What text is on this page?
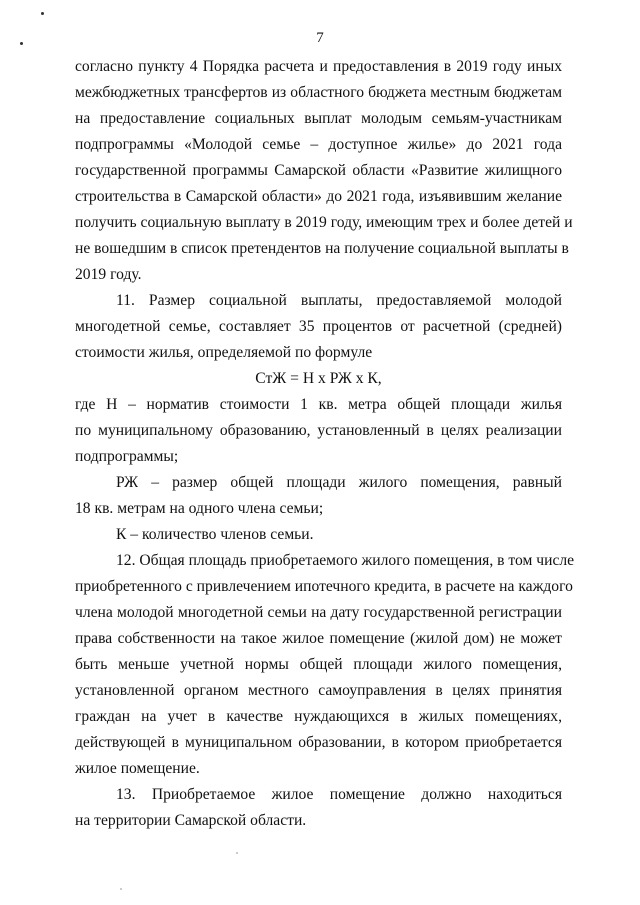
7
согласно пункту 4 Порядка расчета и предоставления в 2019 году иных
межбюджетных трансфертов из областного бюджета местным бюджетам
на предоставление социальных выплат молодым семьям-участникам
подпрограммы «Молодой семье – доступное жилье» до 2021 года
государственной программы Самарской области «Развитие жилищного
строительства в Самарской области» до 2021 года, изъявившим желание
получить социальную выплату в 2019 году, имеющим трех и более детей и
не вошедшим в список претендентов на получение социальной выплаты в
2019 году.
11. Размер социальной выплаты, предоставляемой молодой
многодетной семье, составляет 35 процентов от расчетной (средней)
стоимости жилья, определяемой по формуле
СтЖ = Н х РЖ х К,
где Н – норматив стоимости 1 кв. метра общей площади жилья
по муниципальному образованию, установленный в целях реализации
подпрограммы;
РЖ – размер общей площади жилого помещения, равный
18 кв. метрам на одного члена семьи;
К – количество членов семьи.
12. Общая площадь приобретаемого жилого помещения, в том числе
приобретенного с привлечением ипотечного кредита, в расчете на каждого
члена молодой многодетной семьи на дату государственной регистрации
права собственности на такое жилое помещение (жилой дом) не может
быть меньше учетной нормы общей площади жилого помещения,
установленной органом местного самоуправления в целях принятия
граждан на учет в качестве нуждающихся в жилых помещениях,
действующей в муниципальном образовании, в котором приобретается
жилое помещение.
13. Приобретаемое жилое помещение должно находиться
на территории Самарской области.
